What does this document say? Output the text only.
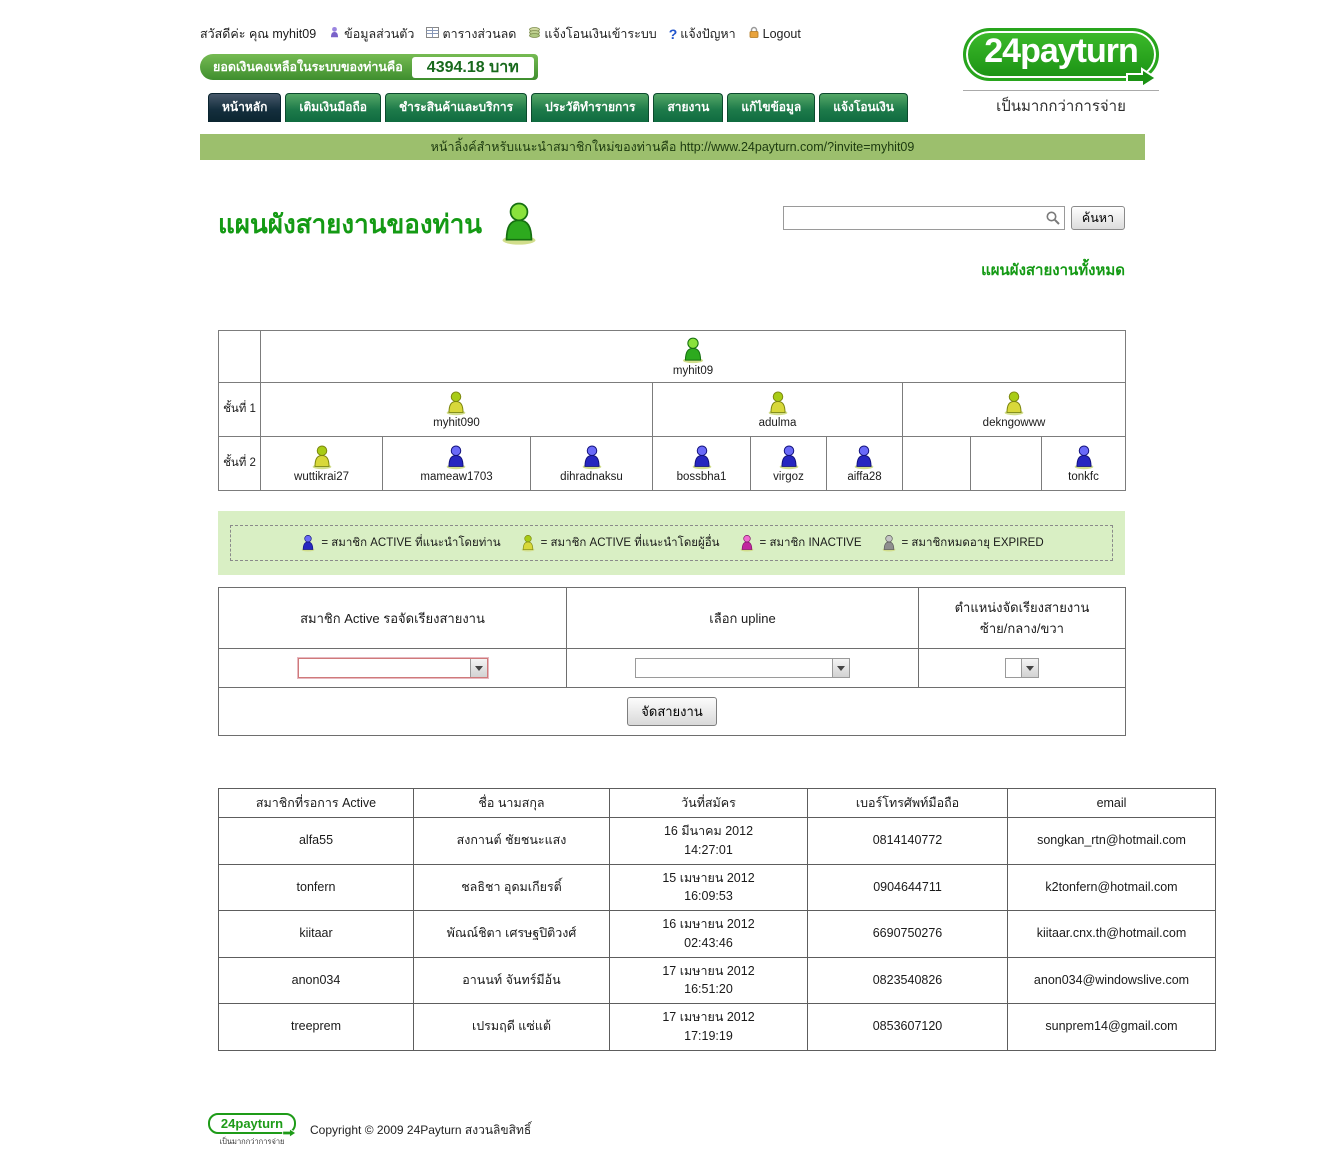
สวัสดีค่ะ คุณ myhit09 ข้อมูลส่วนตัว ตารางส่วนลด แจ้งโอนเงินเข้าระบบ ? แจ้งปัญหา Logout
ยอดเงินคงเหลือในระบบของท่านคือ	4394.18 บาท
หน้าหลัก	เติมเงินมือถือ	ชำระสินค้าและบริการ	ประวัติทำรายการ	สายงาน	แก้ไขข้อมูล	แจ้งโอนเงิน
24payturn
เป็นมากกว่าการจ่าย
หน้าลิ้งค์สำหรับแนะนำสมาชิกใหม่ของท่านคือ http://www.24payturn.com/?invite=myhit09
แผนผังสายงานของท่าน	ค้นหา
แผนผังสายงานทั้งหมด

	myhit09								

ชั้นที่ 1	myhit090			adulma			dekngowww		

ชั้นที่ 2	wuttikrai27	mameaw1703	dihradnaksu	bossbha1	virgoz	aiffa28			tonkfc
= สมาชิก ACTIVE ที่แนะนำโดยท่าน	= สมาชิก ACTIVE ที่แนะนำโดยผู้อื่น	= สมาชิก INACTIVE	= สมาชิกหมดอายุ EXPIRED
สมาชิก Active รอจัดเรียงสายงาน	เลือก upline	ตำแหน่งจัดเรียงสายงาน
ซ้าย/กลาง/ขวา

จัดสายงาน		
สมาชิกที่รอการ Active	ชื่อ นามสกุล	วันที่สมัคร	เบอร์โทรศัพท์มือถือ	email
alfa55	สงกานต์ ชัยชนะแสง	16 มีนาคม 2012
14:27:01	0814140772	songkan_rtn@hotmail.com
tonfern	ชลธิชา อุดมเกียรติ์	15 เมษายน 2012
16:09:53	0904644711	k2tonfern@hotmail.com
kiitaar	พัณณ์ชิตา เศรษฐปิติวงศ์	16 เมษายน 2012
02:43:46	6690750276	kiitaar.cnx.th@hotmail.com
anon034	อานนท์ จันทร์มีอ้น	17 เมษายน 2012
16:51:20	0823540826	anon034@windowslive.com
treeprem	เปรมฤดี แซ่แต้	17 เมษายน 2012
17:19:19	0853607120	sunprem14@gmail.com
24payturn
เป็นมากกว่าการจ่าย
Copyright © 2009 24Payturn สงวนลิขสิทธิ์
